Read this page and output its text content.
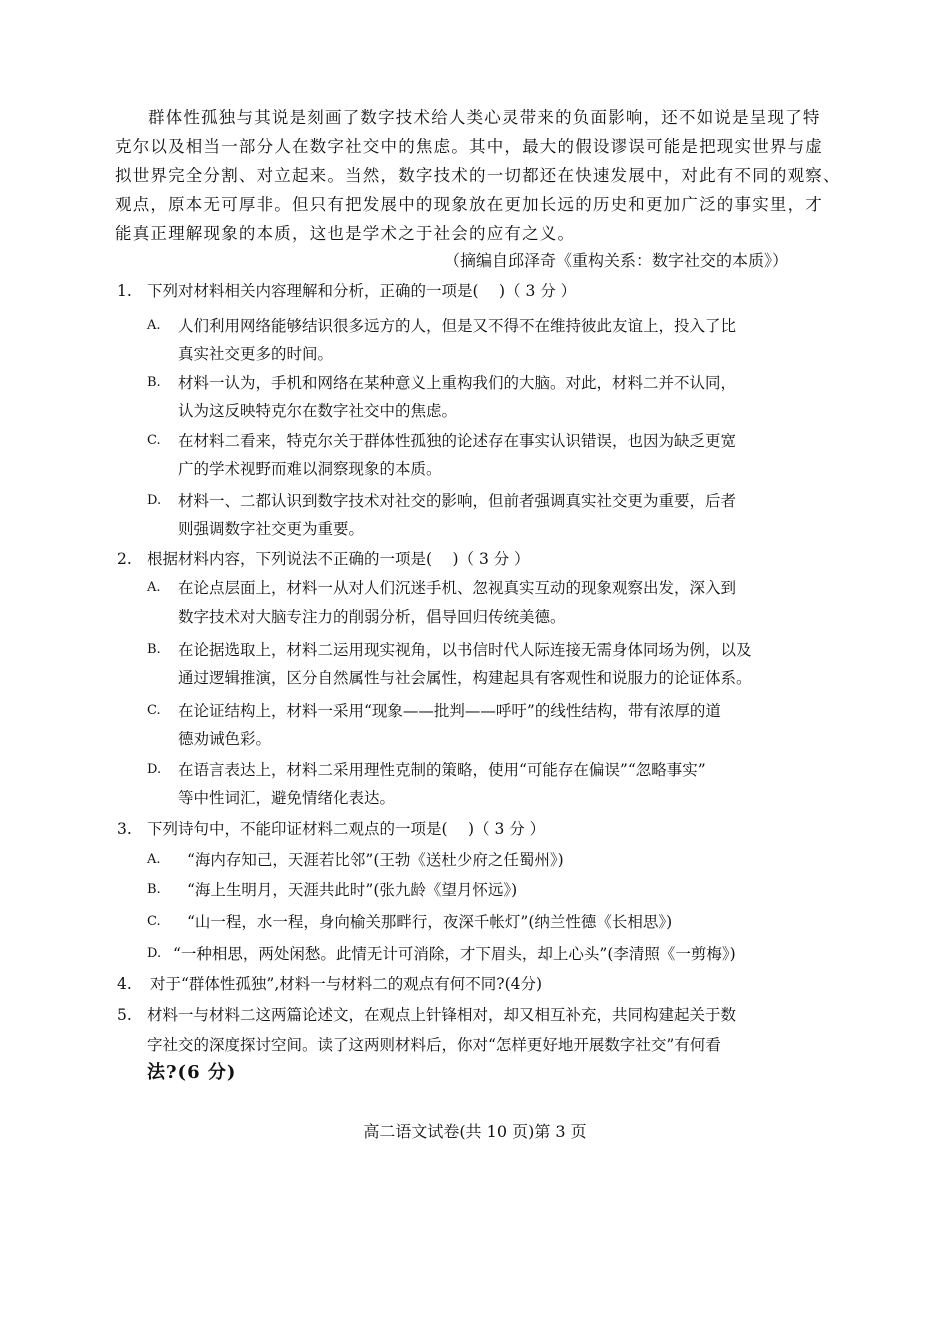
群体性孤独与其说是刻画了数字技术给人类心灵带来的负面影响，还不如说是呈现了特
克尔以及相当一部分人在数字社交中的焦虑。其中，最大的假设谬误可能是把现实世界与虚
拟世界完全分割、对立起来。当然，数字技术的一切都还在快速发展中，对此有不同的观察、
观点，原本无可厚非。但只有把发展中的现象放在更加长远的历史和更加广泛的事实里，才
能真正理解现象的本质，这也是学术之于社会的应有之义。
（摘编自邱泽奇《重构关系：数字社交的本质》）
1. 下列对材料相关内容理解和分析，正确的一项是(　 )（ 3 分 ）
A. 人们利用网络能够结识很多远方的人，但是又不得不在维持彼此友谊上，投入了比
真实社交更多的时间。
B. 材料一认为，手机和网络在某种意义上重构我们的大脑。对此，材料二并不认同，
认为这反映特克尔在数字社交中的焦虑。
C. 在材料二看来，特克尔关于群体性孤独的论述存在事实认识错误，也因为缺乏更宽
广的学术视野而难以洞察现象的本质。
D. 材料一、二都认识到数字技术对社交的影响，但前者强调真实社交更为重要，后者
则强调数字社交更为重要。
2. 根据材料内容，下列说法不正确的一项是(　 )（ 3 分 ）
A. 在论点层面上，材料一从对人们沉迷手机、忽视真实互动的现象观察出发，深入到
数字技术对大脑专注力的削弱分析，倡导回归传统美德。
B. 在论据选取上，材料二运用现实视角，以书信时代人际连接无需身体同场为例，以及
通过逻辑推演，区分自然属性与社会属性，构建起具有客观性和说服力的论证体系。
C. 在论证结构上，材料一采用“现象——批判——呼吁”的线性结构，带有浓厚的道
德劝诫色彩。
D. 在语言表达上，材料二采用理性克制的策略，使用“可能存在偏误”“忽略事实”
等中性词汇，避免情绪化表达。
3. 下列诗句中，不能印证材料二观点的一项是(　 )（ 3 分 ）
A. “海内存知己，天涯若比邻”(王勃《送杜少府之任蜀州》)
B. “海上生明月，天涯共此时”(张九龄《望月怀远》)
C. “山一程，水一程，身向榆关那畔行，夜深千帐灯”(纳兰性德《长相思》)
D. “一种相思，两处闲愁。此情无计可消除，才下眉头，却上心头”(李清照《一剪梅》)
4. 对于“群体性孤独”,材料一与材料二的观点有何不同?(4分)
5. 材料一与材料二这两篇论述文，在观点上针锋相对，却又相互补充，共同构建起关于数
字社交的深度探讨空间。读了这两则材料后，你对“怎样更好地开展数字社交”有何看
法?(6 分)
高二语文试卷(共 10 页)第 3 页
